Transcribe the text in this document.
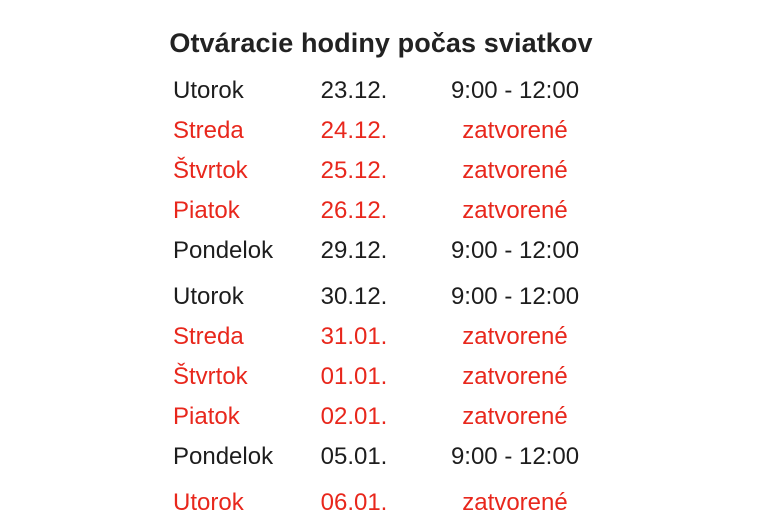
Otváracie hodiny počas sviatkov
Utorok	23.12.	9:00 - 12:00
Streda	24.12.	zatvorené
Štvrtok	25.12.	zatvorené
Piatok	26.12.	zatvorené
Pondelok	29.12.	9:00 - 12:00
Utorok	30.12.	9:00 - 12:00
Streda	31.01.	zatvorené
Štvrtok	01.01.	zatvorené
Piatok	02.01.	zatvorené
Pondelok	05.01.	9:00 - 12:00
Utorok	06.01.	zatvorené
